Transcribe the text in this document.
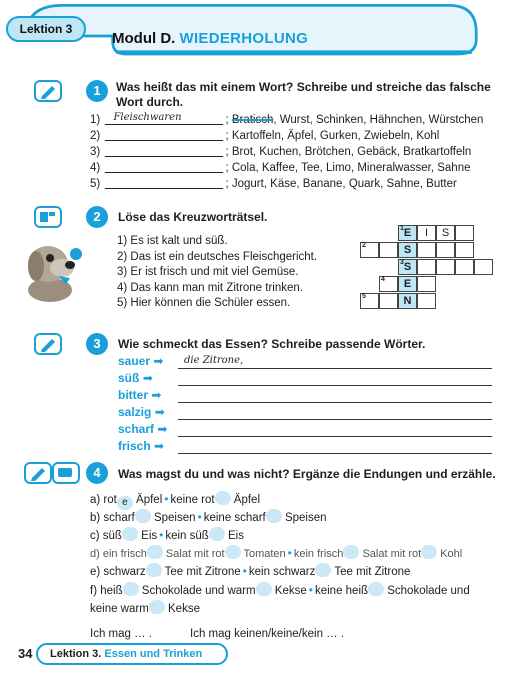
Lektion 3
Modul D. WIEDERHOLUNG
1	Was heißt das mit einem Wort? Schreibe und streiche das falsche
Wort durch.
1) Fleischwaren	; Bratisch, Wurst, Schinken, Hähnchen, Würstchen
2)	; Kartoffeln, Äpfel, Gurken, Zwiebeln, Kohl
3)	; Brot, Kuchen, Brötchen, Gebäck, Bratkartoffeln
4)	; Cola, Kaffee, Tee, Limo, Mineralwasser, Sahne
5)	; Jogurt, Käse, Banane, Quark, Sahne, Butter
2	Löse das Kreuzworträtsel.
1) Es ist kalt und süß.
2) Das ist ein deutsches Fleischgericht.
3) Er ist frisch und mit viel Gemüse.
4) Das kann man mit Zitrone trinken.
5) Hier können die Schüler essen.
E	I	S
1
S
2
S
3
E
4
N
5
3	Wie schmeckt das Essen? Schreibe passende Wörter.
sauer ➡ die Zitrone,
süß ➡
bitter ➡
salzig ➡
scharf ➡
frisch ➡
4	Was magst du und was nicht? Ergänze die Endungen und erzähle.
a) rot e Äpfel • keine rot Äpfel
b) scharf Speisen • keine scharf Speisen
c) süß Eis • kein süß Eis
d) ein frisch Salat mit rot Tomaten • kein frisch Salat mit rot Kohl
e) schwarz Tee mit Zitrone • kein schwarz Tee mit Zitrone
f) heiß Schokolade und warm Kekse • keine heiß Schokolade und
keine warm Kekse
Ich mag … .	Ich mag keinen/keine/kein … .
34 Lektion 3. Essen und Trinken
